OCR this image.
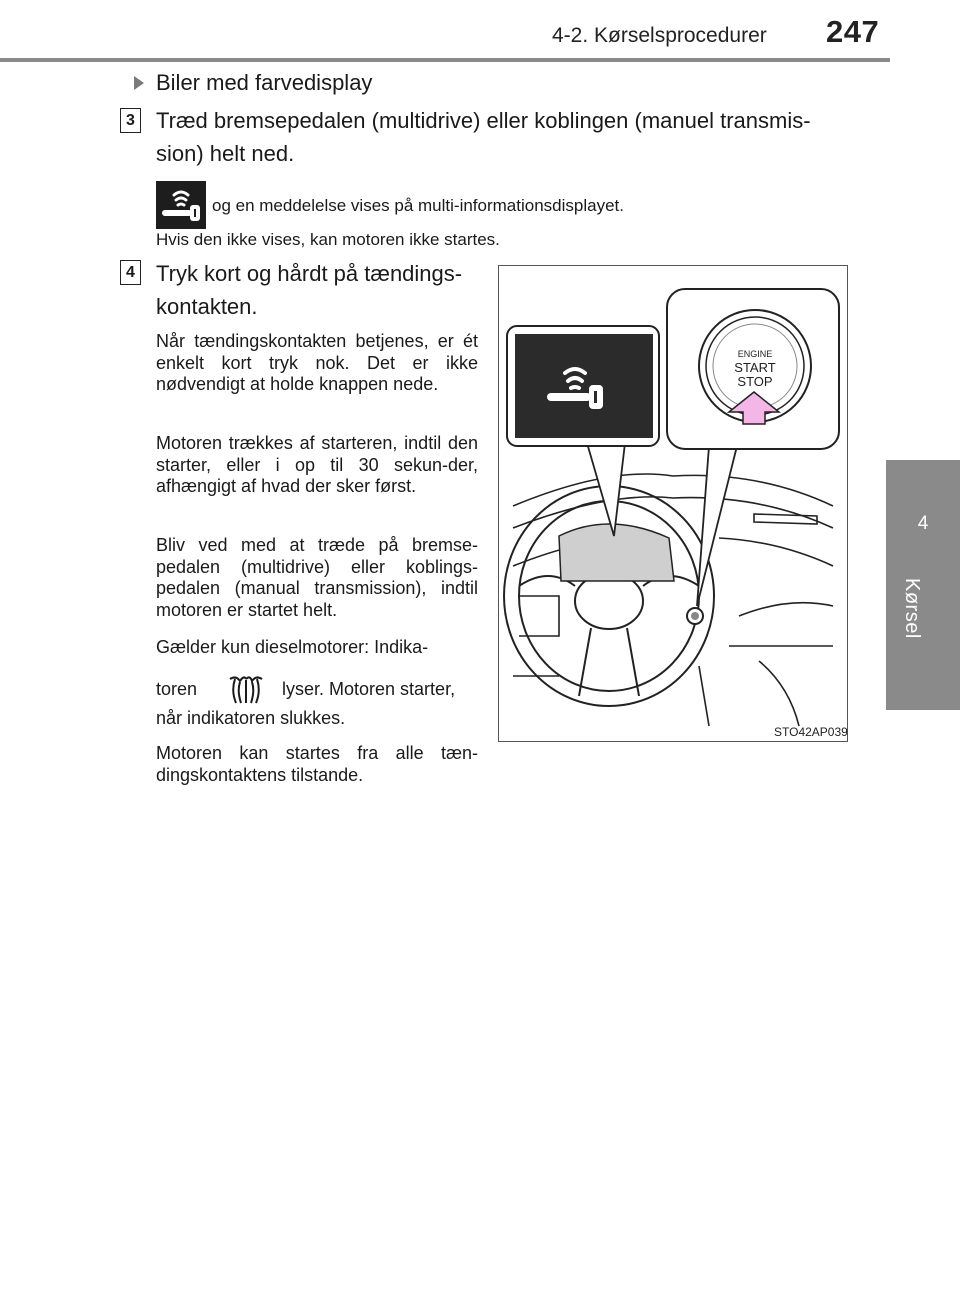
4-2. Kørselsprocedurer 247
4
Kørsel
Biler med farvedisplay
3 Træd bremsepedalen (multidrive) eller koblingen (manuel transmis-
sion) helt ned.
og en meddelelse vises på multi-informationsdisplayet.
Hvis den ikke vises, kan motoren ikke startes.
4 Tryk kort og hårdt på tændings-
kontakten.
Når tændingskontakten betjenes, er ét enkelt kort tryk nok. Det er ikke nødvendigt at holde knappen nede.
Motoren trækkes af starteren, indtil den starter, eller i op til 30 sekun-der, afhængigt af hvad der sker først.
Bliv ved med at træde på bremse-pedalen (multidrive) eller koblings-pedalen (manual transmission), indtil motoren er startet helt.
Gælder kun dieselmotorer: Indika-
toren	lyser. Motoren starter,
når indikatoren slukkes.
Motoren kan startes fra alle tæn-dingskontaktens tilstande.
ENGINE
START
STOP
STO42AP039
